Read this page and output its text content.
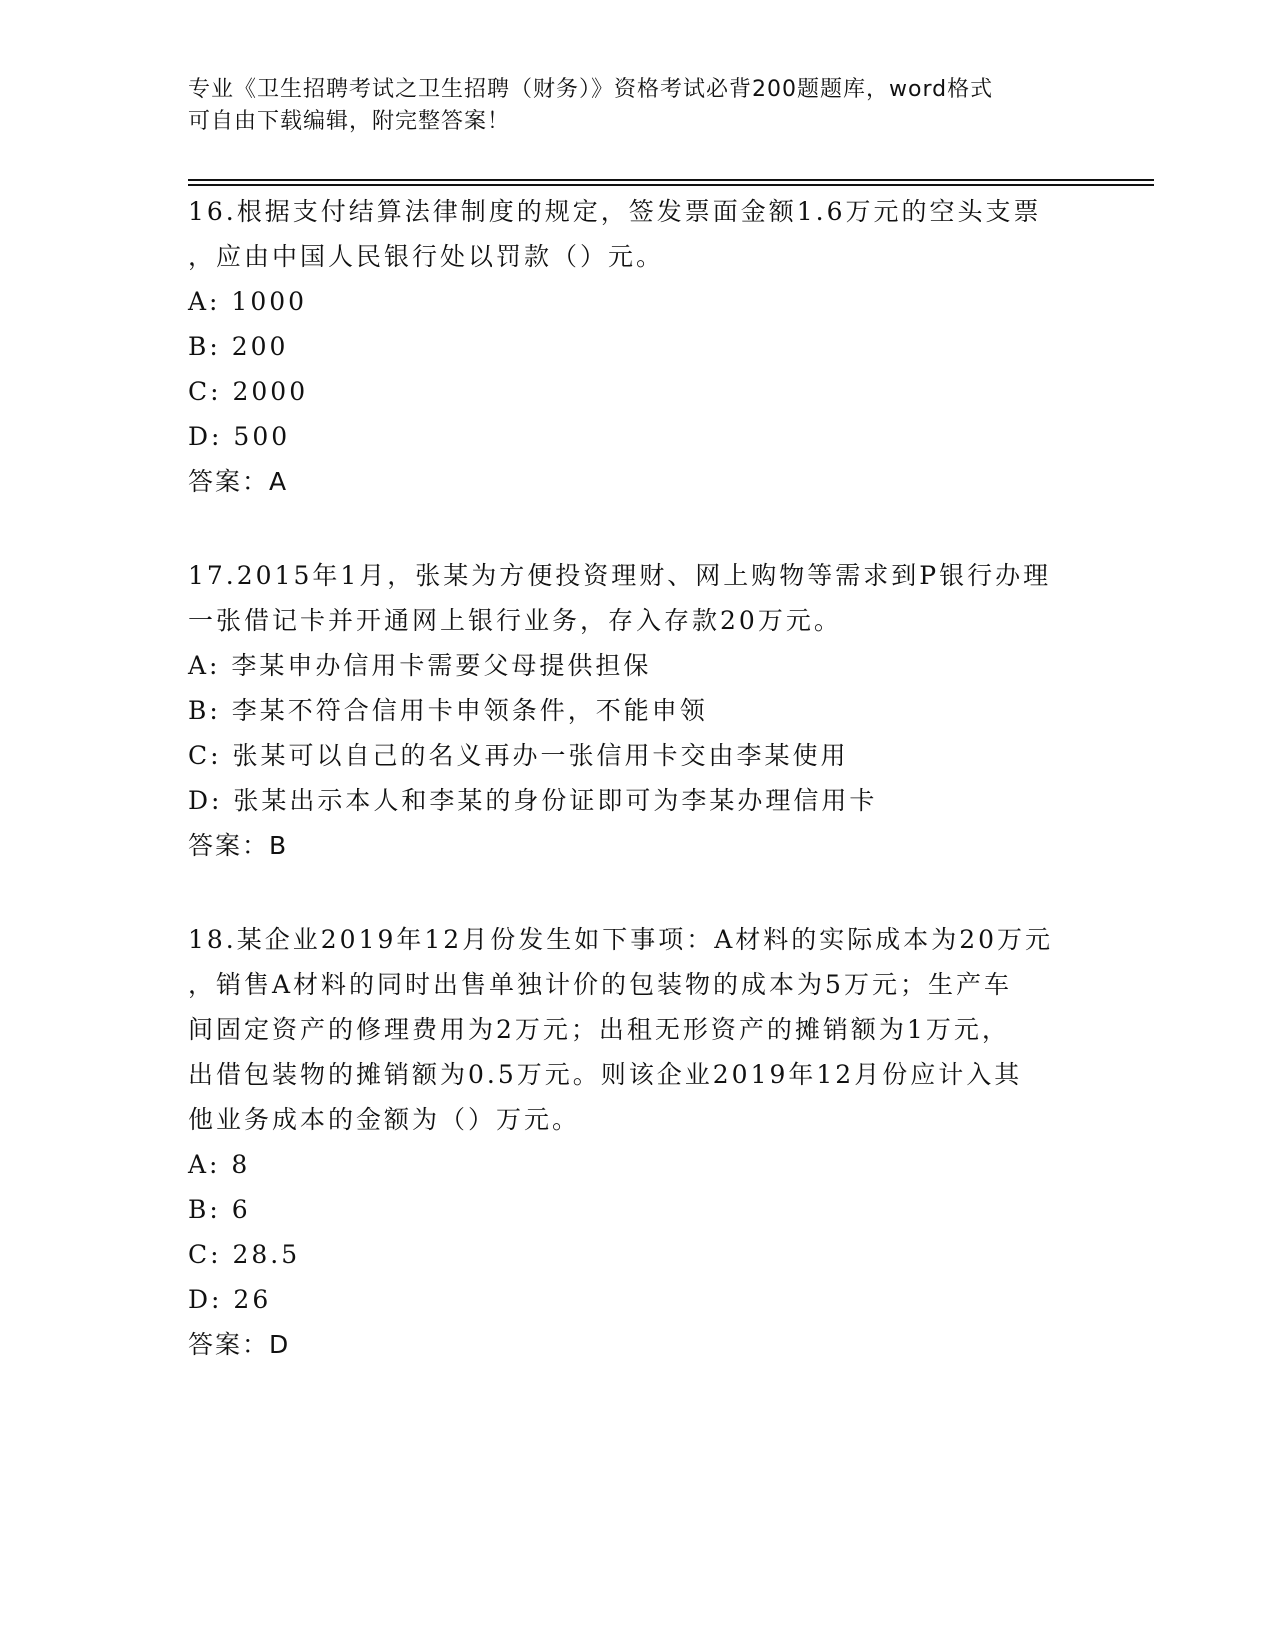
专业《卫生招聘考试之卫生招聘（财务）》资格考试必背200题题库，word格式
可自由下载编辑，附完整答案！
16.根据支付结算法律制度的规定，签发票面金额1.6万元的空头支票
，应由中国人民银行处以罚款（）元。
A: 1000
B: 200
C: 2000
D: 500
答案：A
17.2015年1月，张某为方便投资理财、网上购物等需求到P银行办理
一张借记卡并开通网上银行业务，存入存款20万元。
A: 李某申办信用卡需要父母提供担保
B: 李某不符合信用卡申领条件，不能申领
C: 张某可以自己的名义再办一张信用卡交由李某使用
D: 张某出示本人和李某的身份证即可为李某办理信用卡
答案：B
18.某企业2019年12月份发生如下事项：A材料的实际成本为20万元
，销售A材料的同时出售单独计价的包装物的成本为5万元；生产车
间固定资产的修理费用为2万元；出租无形资产的摊销额为1万元，
出借包装物的摊销额为0.5万元。则该企业2019年12月份应计入其
他业务成本的金额为（）万元。
A: 8
B: 6
C: 28.5
D: 26
答案：D
